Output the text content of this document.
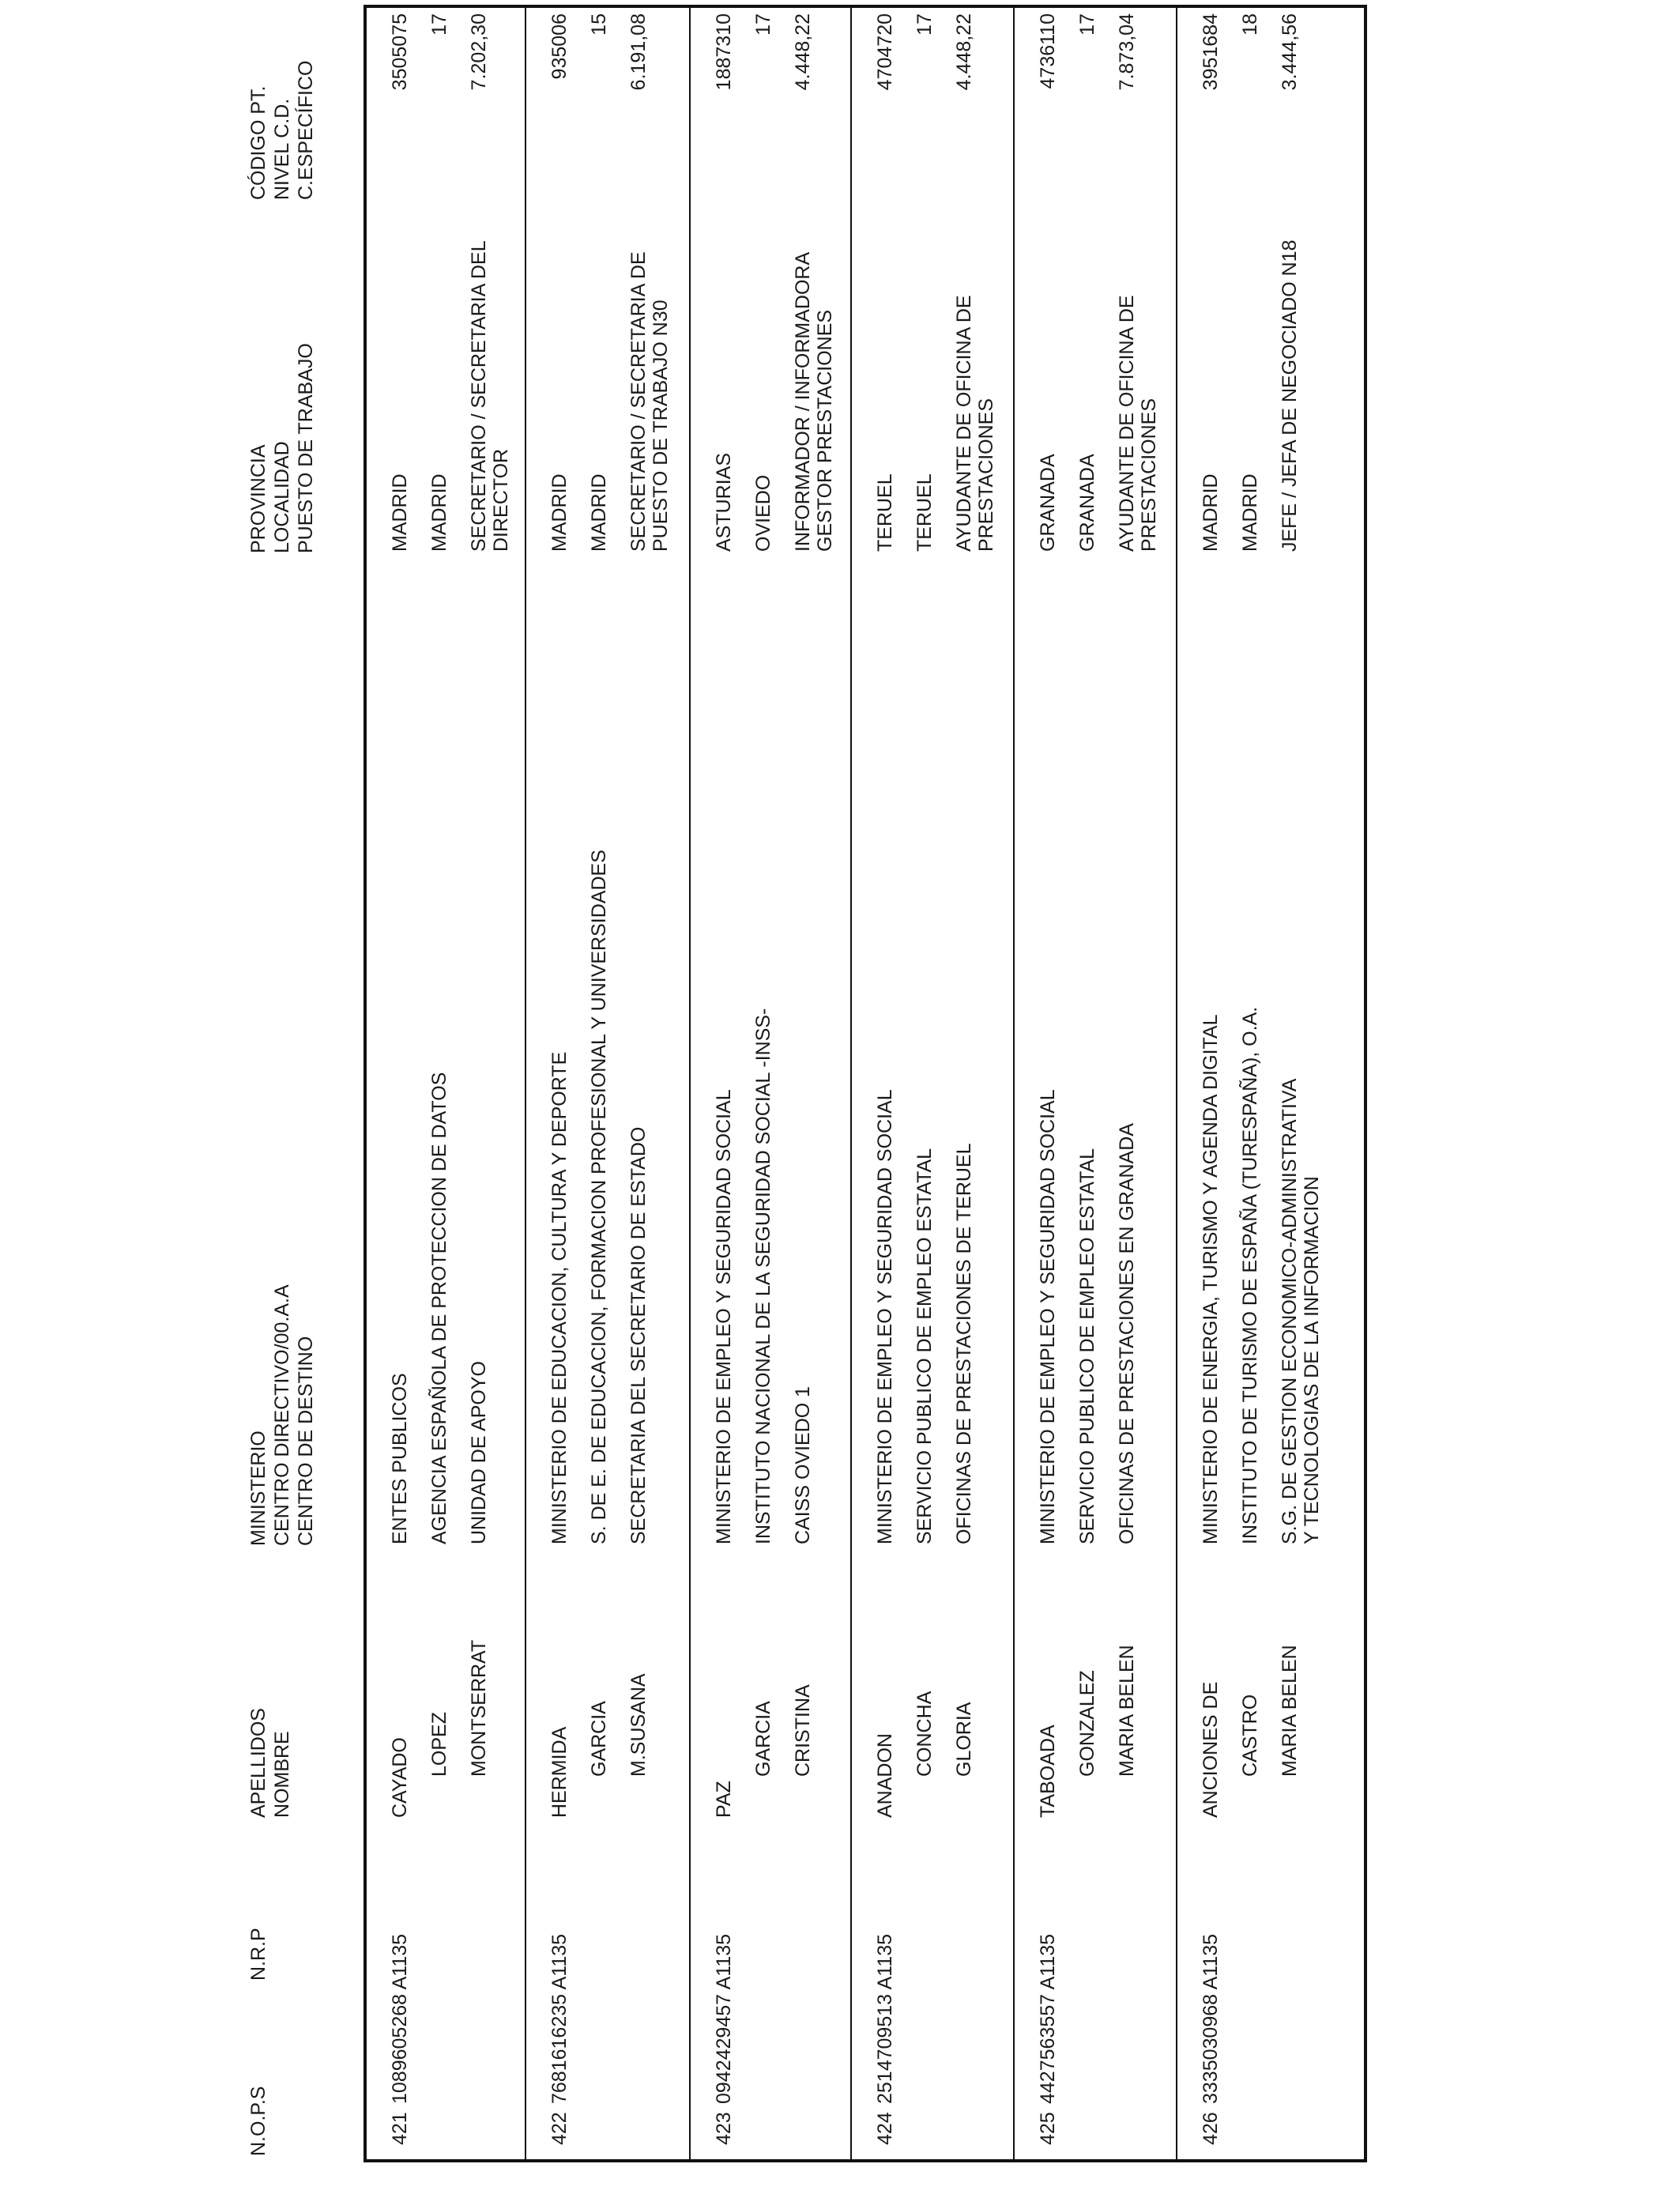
N.O.P.S
N.R.P
APELLIDOS NOMBRE
MINISTERIO CENTRO DIRECTIVO/00.A.A CENTRO DE DESTINO
PROVINCIA LOCALIDAD PUESTO DE TRABAJO
CÓDIGO PT. NIVEL C.D. C.ESPECÍFICO
421
1089605268 A1135
CAYADO LOPEZ MONTSERRAT
ENTES PUBLICOS AGENCIA ESPAÑOLA DE PROTECCION DE DATOS UNIDAD DE APOYO
MADRID MADRID SECRETARIO / SECRETARIA DEL DIRECTOR
3505075 17 7.202,30
422
7681616235 A1135
HERMIDA GARCIA M.SUSANA
MINISTERIO DE EDUCACION, CULTURA Y DEPORTE S. DE E. DE EDUCACION, FORMACION PROFESIONAL Y UNIVERSIDADES SECRETARIA DEL SECRETARIO DE ESTADO
MADRID MADRID SECRETARIO / SECRETARIA DE PUESTO DE TRABAJO N30
935006 15 6.191,08
423
0942429457 A1135
PAZ
GARCIA CRISTINA
MINISTERIO DE EMPLEO Y SEGURIDAD SOCIAL INSTITUTO NACIONAL DE LA SEGURIDAD SOCIAL -INSS- CAISS OVIEDO 1
ASTURIAS OVIEDO INFORMADOR / INFORMADORA GESTOR PRESTACIONES
1887310 17 4.448,22
424
2514709513 A1135
ANADON CONCHA GLORIA
MINISTERIO DE EMPLEO Y SEGURIDAD SOCIAL SERVICIO PUBLICO DE EMPLEO ESTATAL OFICINAS DE PRESTACIONES DE TERUEL
TERUEL TERUEL AYUDANTE DE OFICINA DE PRESTACIONES
4704720 17 4.448,22
425
4427563557 A1135
TABOADA GONZALEZ MARIA BELEN
MINISTERIO DE EMPLEO Y SEGURIDAD SOCIAL SERVICIO PUBLICO DE EMPLEO ESTATAL OFICINAS DE PRESTACIONES EN GRANADA
GRANADA GRANADA AYUDANTE DE OFICINA DE PRESTACIONES
4736110 17 7.873,04
426
3335030968 A1135
ANCIONES DE CASTRO MARIA BELEN
MINISTERIO DE ENERGIA, TURISMO Y AGENDA DIGITAL INSTITUTO DE TURISMO DE ESPAÑA (TURESPAÑA), O.A. S.G. DE GESTION ECONOMICO-ADMINISTRATIVA Y TECNOLOGIAS DE LA INFORMACION
MADRID MADRID JEFE / JEFA DE NEGOCIADO N18
3951684 18 3.444,56
